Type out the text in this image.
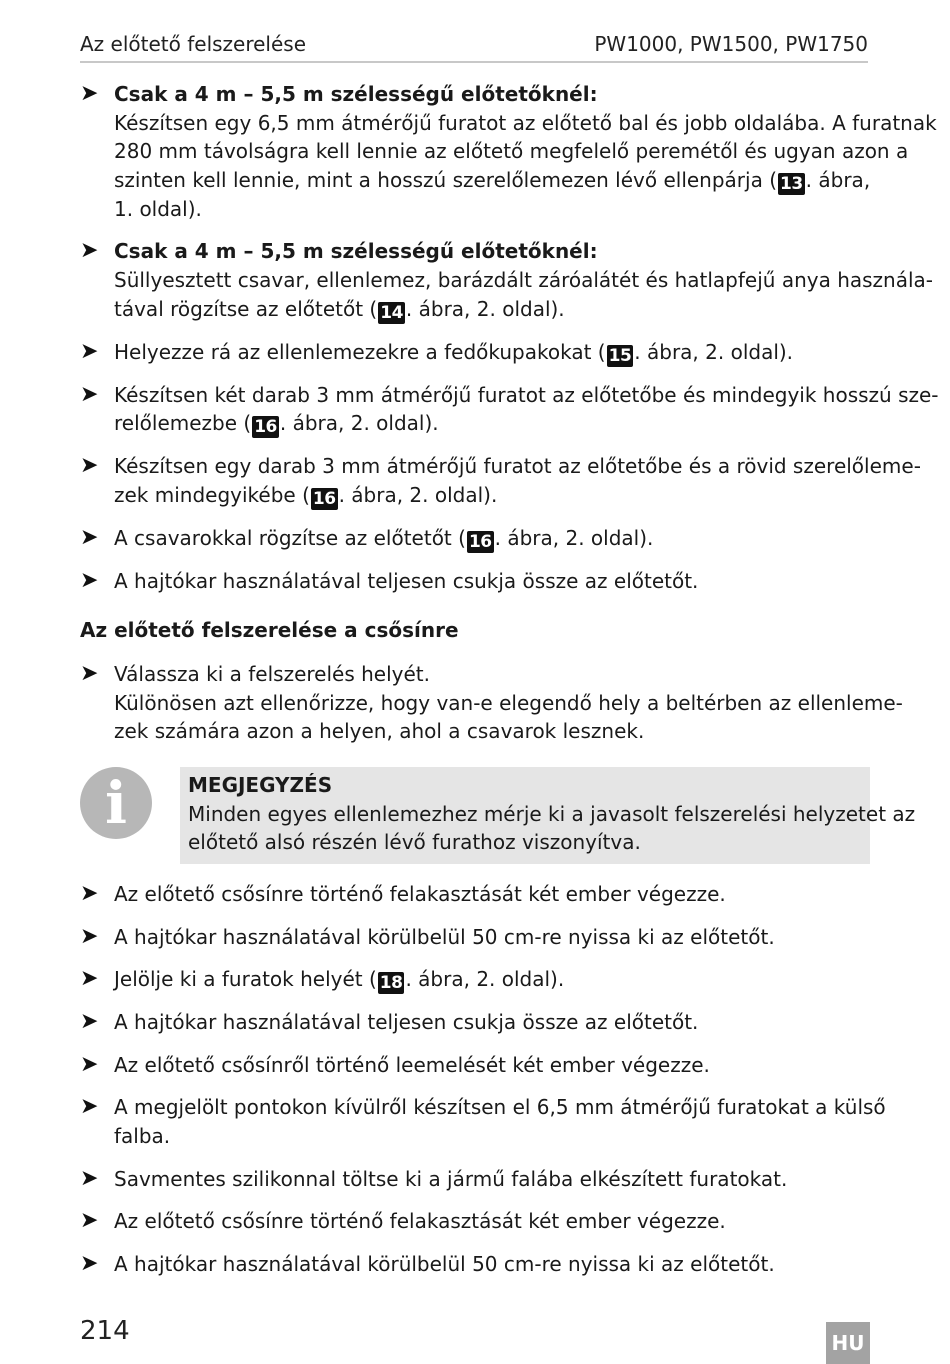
Az előtető felszerelése	PW1000, PW1500, PW1750
➤ Csak a 4 m – 5,5 m szélességű előtetőknél:
Készítsen egy 6,5 mm átmérőjű furatot az előtető bal és jobb oldalába. A furatnak
280 mm távolságra kell lennie az előtető megfelelő peremétől és ugyan azon a
szinten kell lennie, mint a hosszú szerelőlemezen lévő ellenpárja ( 13 . ábra,
1. oldal).
➤ Csak a 4 m – 5,5 m szélességű előtetőknél:
Süllyesztett csavar, ellenlemez, barázdált záróalátét és hatlapfejű anya használa-
tával rögzítse az előtetőt ( 14 . ábra, 2. oldal).
➤ Helyezze rá az ellenlemezekre a fedőkupakokat ( 15 . ábra, 2. oldal).
➤ Készítsen két darab 3 mm átmérőjű furatot az előtetőbe és mindegyik hosszú sze-
relőlemezbe ( 16 . ábra, 2. oldal).
➤ Készítsen egy darab 3 mm átmérőjű furatot az előtetőbe és a rövid szerelőleme-
zek mindegyikébe ( 16 . ábra, 2. oldal).
➤ A csavarokkal rögzítse az előtetőt ( 16 . ábra, 2. oldal).
➤ A hajtókar használatával teljesen csukja össze az előtetőt.
Az előtető felszerelése a csősínre
➤ Válassza ki a felszerelés helyét.
Különösen azt ellenőrizze, hogy van-e elegendő hely a beltérben az ellenleme-
zek számára azon a helyen, ahol a csavarok lesznek.
i	MEGJEGYZÉS
Minden egyes ellenlemezhez mérje ki a javasolt felszerelési helyzetet az
előtető alsó részén lévő furathoz viszonyítva.
➤ Az előtető csősínre történő felakasztását két ember végezze.
➤ A hajtókar használatával körülbelül 50 cm-re nyissa ki az előtetőt.
➤ Jelölje ki a furatok helyét ( 18 . ábra, 2. oldal).
➤ A hajtókar használatával teljesen csukja össze az előtetőt.
➤ Az előtető csősínről történő leemelését két ember végezze.
➤ A megjelölt pontokon kívülről készítsen el 6,5 mm átmérőjű furatokat a külső
falba.
➤ Savmentes szilikonnal töltse ki a jármű falába elkészített furatokat.
➤ Az előtető csősínre történő felakasztását két ember végezze.
➤ A hajtókar használatával körülbelül 50 cm-re nyissa ki az előtetőt.
214	HU
